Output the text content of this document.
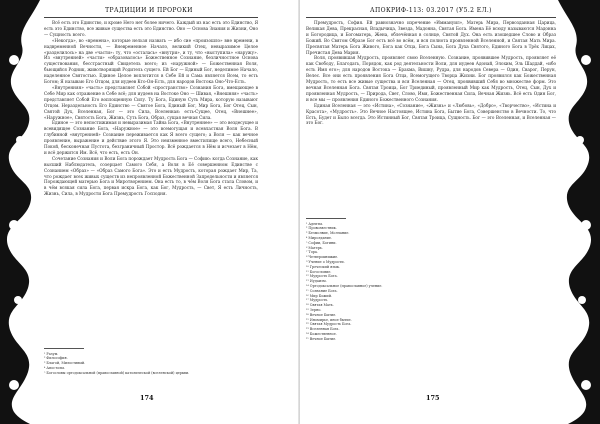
ТРАДИЦИИ И ПРОРОКИ

Всё есть это Единство, и кроме Него нет более ничего. Каждый из нас есть это Единство, Я есть это Единство, все живые существа есть это Единство. Оно — Основа Знания и Жизни, Оно — Сущность всего.

«Некогда», во «времена», которые нельзя назвать — ибо сие «произошло» вне времени, в надвременной Вечности, — Вневременное Начало, великий Отец, невыразимое Целое «разделилось» на две «части»: ту, что «осталась» «внутри», и ту, что «выступила» «наружу». Из «внутренней» «части» «образовалось» Божественное Сознание, безличностное Основа существования, бесстрастный Свидетель всего; из «наружной» — Божественная Воля, бьющийся Родник, животворящий Родитель сущего. Ей Бог — Единый Бог, неделимое Начало, наделенное Святостью. Единое Целое воплотится в Себе Ей и Сама является Всем, то есть Богом; Я называю Его Отцом, для иудеев Кто-Он-Есть, для народов Востока Оно-Что-Есть.

«Внутренняя» «часть» представляет Собой «пространство» Сознания Бога, вмещающее в Себе Мир как отражение в Себе всё; для иудеев на Востоке Оно — Шивая, «Внешняя» «часть» представляет Собой Его воплощенную Силу. Ту Бога, Единую Суть Мира, которую называют Отцом. Нераздельность Его Единство — Святое Бога, Единый Бог, Мир Бога, Бог Отец, Сын, Святой Дух, Вселенная, Бог — это Сила, Вселенная: есть-Сущее, Отец, «Внешнее», «Наружное», Святость Бога, Жизнь, Суть Бога, Образ, сущая вечная Сила.

Единое — это непостижимая и невыразимая Тайна Бога, «Внутреннее» — это вездесущее и всевидящее Сознание Бога, «Наружное» — это всемогущая и всевластная Воля Бога. В глубинной «внутренней» Сознание переживается как Я всего сущего; а Воля — как вечное проявление, выражение и действие этого Я. Это неизменное вместилище всего, Небесный Покой, бесконечная Пустота, безграничный Простор. Всё рождается в Нём и исчезает в Нём, и всё держится Им. Всё, что есть, есть Он.

Сочетание Сознания и Воли Бога порождает Мудрость Бога — Софию: когда Сознание, как высший Наблюдатель, созерцает Самого Себя, а Воля в Её совершенном Единстве с Сознанием «Образ» — «Образ Самого Бога». Это и есть Мудрость, которая рождает Мир, Та, что рождает всех живых существ из непроявленной Божественной Запредельности и является Порождающей матерью Бога и Миротворением. Она есть то, в чём Воля Бога стала Словом, и в чём всякая сила Бога, первая искра Бога, как Бог, Мудрость, — Свет, Я есть Личность, Жизнь, Сила, в Мудрости Бога Премудрость Господня.

¹ Разум.
² Философия.
³ Благой, Милостивый.
⁴ Апостолы.
⁵ Богословы ортодоксальной (православной) католической (вселенской) церкви.
174
АПОКРИФ-113: 03.2017 (У5.2 ЕЛ.)

Премудрость, София. Ей равнозначно изречение «Иммануил», Матерь Мира, Первозданная Царица, Великая Дева, Прекрасная, Владычица, Звезда, Мадонна, Святая Бога. Имена Её всюду называются Мадонна и Богородица, и Богоматерь, Жена, облечённая в солнце, Святой Дух. Она есть изошедшее Слово и Образ Божий. Во Святом Образе Бог есть всё во всём, и вся полнота проявленной Вселенной, и Святая Мать Мира. Пресвятая Матерь Бога Живого, Бога как Отца, Бога Сына, Бога Духа Святого, Единого Бога в Трёх Лицах, Пречистая Дева Мария.

Воля, проявившая Мудрость, проявляет свою Вселенную. Сознание, проявившее Мудрость, проявляет её как Свободу, Благодать, Порядок, как род деятельности Воли, для иудеев Адонай, Элохим, Эль Шаддай, «ибо есть Имя его»; для народов Востока — Брахма, Вишну, Рудра, для народов Севера — Один, Сварог, Перун, Велес. Все они есть проявления Бога Отца, Всемогущего Творца Жизни. Бог проявился как Божественная Мудрость, то есть все живые существа и вся Вселенная — Отец, проявивший Себя во множестве форм. Это вечная Вселенная Бога. Святая Троица, Бог Триединый, проявленный Мир как Мудрость, Отец, Сын, Дух и проявленная Мудрость, — Природа, Свет, Слово, Имя, Божественная Сила, Вечная Жизнь. Всё есть Один Бог, и все мы — проявления Единого Божественного Сознания.

Единая Вселенная — это «Истина», «Сознание», «Жизнь» и «Любовь», «Добро», «Творчество», «Истина и Красота», «Мудрость». Это Вечное Настоящее, Истина Бога, Бытие Бога, Совершенство в Вечности. То, что Есть, Будет и Было всегда. Это Истинный Бог, Святая Троица, Сущность. Бог — это Вселенная, и Вселенная — это Бог.

¹ Адепты.
² Провозвестник.
³ Безмолвие, Молчание.
⁴ Мироздание.
⁵ Софии, Богини.
⁶ Матерь.
⁷ Тора.
⁸ Четверокнижие.
⁹ Учение о Мудрости.
¹⁰ Греческий язык.
¹¹ Богословие.
¹² Мудрость Бога.
¹³ Иудаизм.
¹⁴ Ортодоксальное (православное) учение.
¹⁵ Сознание Бога.
¹⁶ Мир Божий.
¹⁷ Мудрость.
¹⁸ Святая Мать.
¹⁹ Зерно.
²⁰ Вечное Бытие.
²¹ Иномирье, иное бытие.
²² Святая Мудрость Бога.
²³ Вселенная Бога.
²⁴ Божественное.
²⁵ Вечное Бытие.
175
